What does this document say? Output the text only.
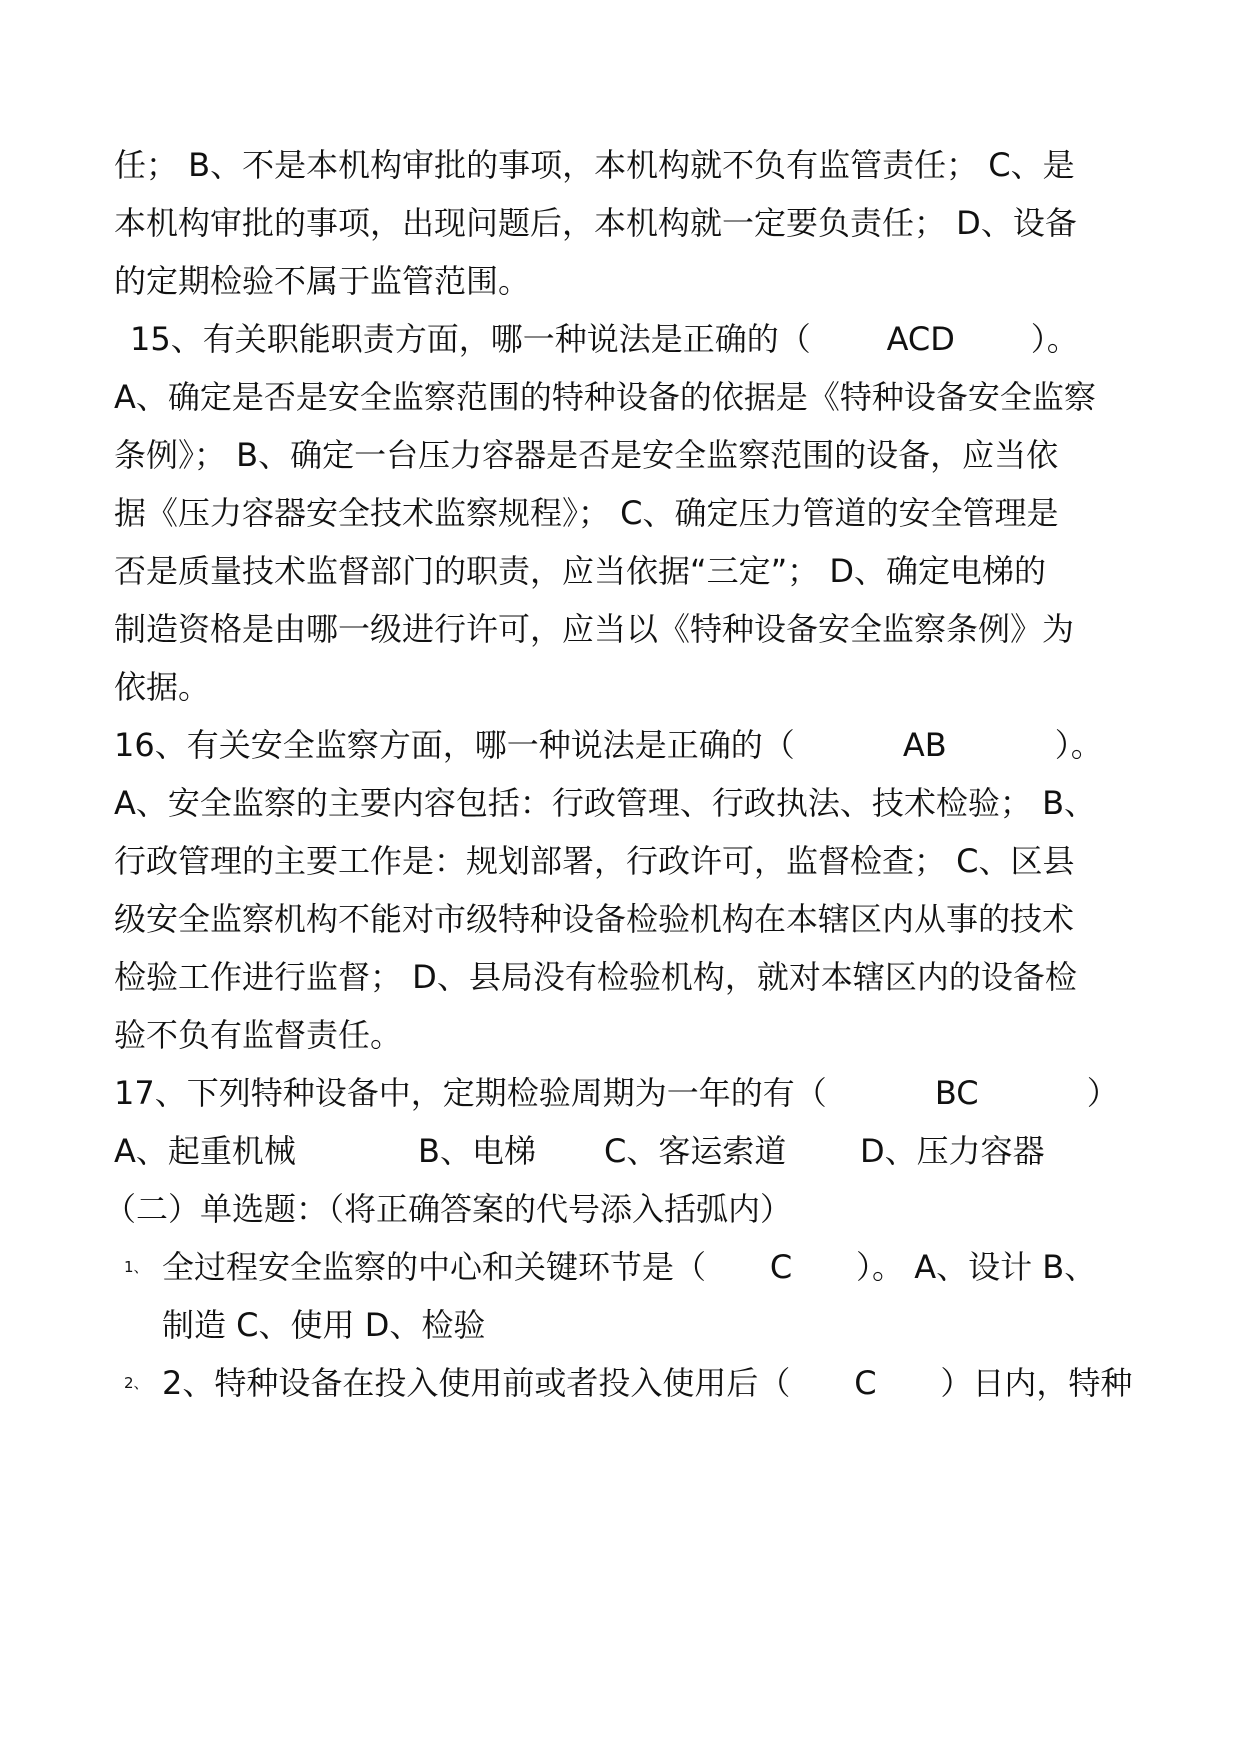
任； B、不是本机构审批的事项，本机构就不负有监管责任； C、是
本机构审批的事项，出现问题后，本机构就一定要负责任； D、设备
的定期检验不属于监管范围。
15、有关职能职责方面，哪一种说法是正确的（ ACD ）。
A、确定是否是安全监察范围的特种设备的依据是《特种设备安全监察
条例》； B、确定一台压力容器是否是安全监察范围的设备，应当依
据《压力容器安全技术监察规程》； C、确定压力管道的安全管理是
否是质量技术监督部门的职责，应当依据“三定”； D、确定电梯的
制造资格是由哪一级进行许可，应当以《特种设备安全监察条例》为
依据。
16、有关安全监察方面，哪一种说法是正确的（	AB	）。
A、安全监察的主要内容包括：行政管理、行政执法、技术检验； B、
行政管理的主要工作是：规划部署，行政许可，监督检查； C、区县
级安全监察机构不能对市级特种设备检验机构在本辖区内从事的技术
检验工作进行监督； D、县局没有检验机构，就对本辖区内的设备检
验不负有监督责任。
17、下列特种设备中，定期检验周期为一年的有（	BC	）
A、起重机械	B、电梯 C、客运索道 D、压力容器
（二）单选题：（将正确答案的代号添入括弧内）
1、 全过程安全监察的中心和关键环节是（ C ）。 A、设计 B、
制造 C、使用 D、检验
2、 2、特种设备在投入使用前或者投入使用后（ C ）日内，特种
